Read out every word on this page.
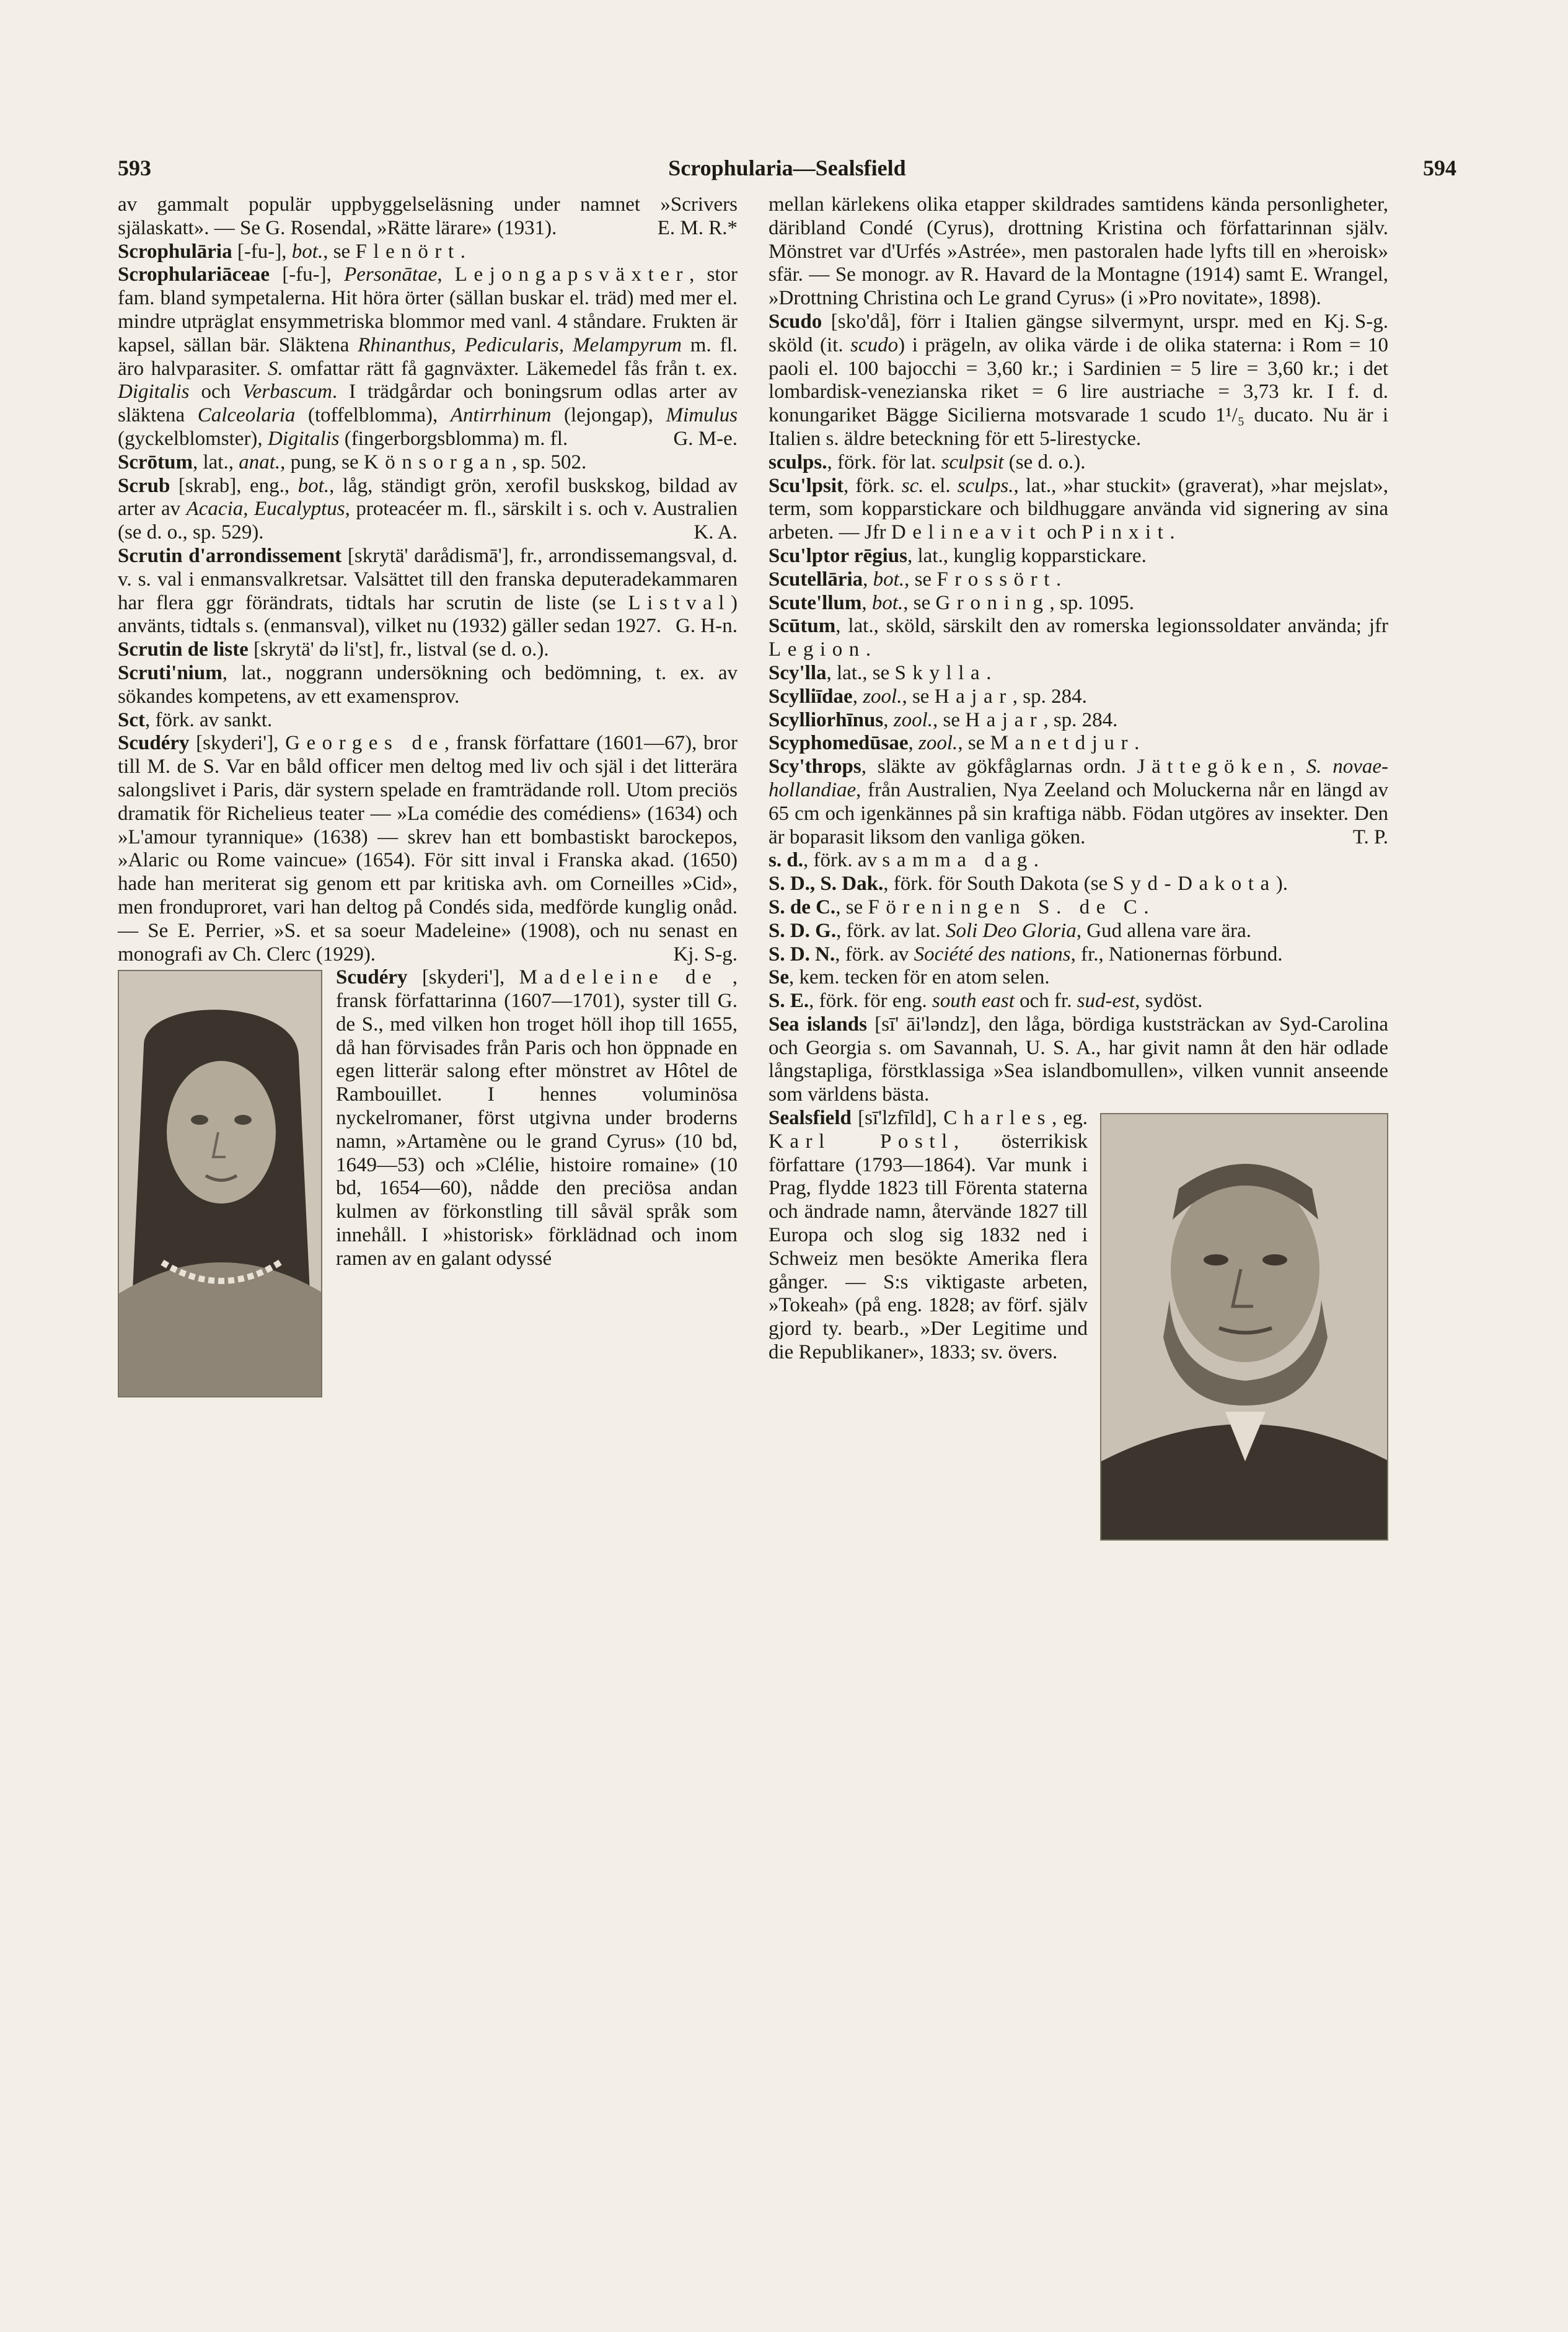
593	Scrophularia—Sealsfield	594
av gammalt populär uppbyggelseläsning under namnet »Scrivers själaskatt». — Se G. Rosendal, »Rätte lärare» (1931).	E. M. R.*
Scrophulāria [-fu-], bot., se Flenört.
Scrophulariāceae [-fu-], Personātae, Lejongapsväxter, stor fam. bland sympetalerna. Hit höra örter (sällan buskar el. träd) med mer el. mindre utpräglat ensymmetriska blommor med vanl. 4 ståndare. Frukten är kapsel, sällan bär. Släktena Rhinanthus, Pedicularis, Melampyrum m. fl. äro halvparasiter. S. omfattar rätt få gagnväxter. Läkemedel fås från t. ex. Digitalis och Verbascum. I trädgårdar och boningsrum odlas arter av släktena Calceolaria (toffelblomma), Antirrhinum (lejongap), Mimulus (gyckelblomster), Digitalis (fingerborgsblomma) m. fl.	G. M-e.
Scrōtum, lat., anat., pung, se Könsorgan, sp. 502.
Scrub [skrab], eng., bot., låg, ständigt grön, xerofil buskskog, bildad av arter av Acacia, Eucalyptus, proteacéer m. fl., särskilt i s. och v. Australien (se d. o., sp. 529).	K. A.
Scrutin d'arrondissement [skrytä' darådismā'], fr., arrondissemangsval, d. v. s. val i enmansvalkretsar. Valsättet till den franska deputeradekammaren har flera ggr förändrats, tidtals har scrutin de liste (se Listval) använts, tidtals s. (enmansval), vilket nu (1932) gäller sedan 1927. G. H-n.
Scrutin de liste [skrytä' də li'st], fr., listval (se d. o.).
Scruti'nium, lat., noggrann undersökning och bedömning, t. ex. av sökandes kompetens, av ett examensprov.
Sct, förk. av sankt.
Scudéry [skyderi'], Georges de, fransk författare (1601—67), bror till M. de S. Var en båld officer men deltog med liv och själ i det litterära salongslivet i Paris, där systern spelade en framträdande roll. Utom preciös dramatik för Richelieus teater — »La comédie des comédiens» (1634) och »L'amour tyrannique» (1638) — skrev han ett bombastiskt barockepos, »Alaric ou Rome vaincue» (1654). För sitt inval i Franska akad. (1650) hade han meriterat sig genom ett par kritiska avh. om Corneilles »Cid», men fronduproret, vari han deltog på Condés sida, medförde kunglig onåd. — Se E. Perrier, »S. et sa soeur Madeleine» (1908), och nu senast en monografi av Ch. Clerc (1929).	Kj. S-g.
Scudéry [skyderi'], Madeleine de , fransk författarinna (1607—1701), syster till G. de S., med vilken hon troget höll ihop till 1655, då han förvisades från Paris och hon öppnade en egen litterär salong efter mönstret av Hôtel de Rambouillet. I hennes voluminösa nyckelromaner, först utgivna under broderns namn, »Artamène ou le grand Cyrus» (10 bd, 1649—53) och »Clélie, histoire romaine» (10 bd, 1654—60), nådde den preciösa andan kulmen av förkonstling till såväl språk som innehåll. I »historisk» förklädnad och inom ramen av en galant odyssé
mellan kärlekens olika etapper skildrades samtidens kända personligheter, däribland Condé (Cyrus), drottning Kristina och författarinnan själv. Mönstret var d'Urfés »Astrée», men pastoralen hade lyfts till en »heroisk» sfär. — Se monogr. av R. Havard de la Montagne (1914) samt E. Wrangel, »Drottning Christina och Le grand Cyrus» (i »Pro novitate», 1898).
Kj. S-g.
Scudo [sko'då], förr i Italien gängse silvermynt, urspr. med en sköld (it. scudo) i prägeln, av olika värde i de olika staterna: i Rom = 10 paoli el. 100 bajocchi = 3,60 kr.; i Sardinien = 5 lire = 3,60 kr.; i det lombardisk-venezianska riket = 6 lire austriache = 3,73 kr. I f. d. konungariket Bägge Sicilierna motsvarade 1 scudo 1¹/₅ ducato. Nu är i Italien s. äldre beteckning för ett 5-lirestycke.
sculps., förk. för lat. sculpsit (se d. o.).
Scu'lpsit, förk. sc. el. sculps., lat., »har stuckit» (graverat), »har mejslat», term, som kopparstickare och bildhuggare använda vid signering av sina arbeten. — Jfr Delineavit och Pinxit.
Scu'lptor rēgius, lat., kunglig kopparstickare.
Scutellāria, bot., se Frossört.
Scute'llum, bot., se Groning, sp. 1095.
Scūtum, lat., sköld, särskilt den av romerska legionssoldater använda; jfr Legion.
Scy'lla, lat., se Skylla.
Scylliīdae, zool., se Hajar, sp. 284.
Scylliorhīnus, zool., se Hajar, sp. 284.
Scyphomedūsae, zool., se Manetdjur.
Scy'throps, släkte av gökfåglarnas ordn. Jättegöken, S. novae-hollandiae, från Australien, Nya Zeeland och Moluckerna når en längd av 65 cm och igenkännes på sin kraftiga näbb. Födan utgöres av insekter. Den är boparasit liksom den vanliga göken.	T. P.
s. d., förk. av samma dag.
S. D., S. Dak., förk. för South Dakota (se Syd-Dakota).
S. de C., se Föreningen S. de C.
S. D. G., förk. av lat. Soli Deo Gloria, Gud allena vare ära.
S. D. N., förk. av Société des nations, fr., Nationernas förbund.
Se, kem. tecken för en atom selen.
S. E., förk. för eng. south east och fr. sud-est, sydöst.
Sea islands [sī' āi'ləndz], den låga, bördiga kuststräckan av Syd-Carolina och Georgia s. om Savannah, U. S. A., har givit namn åt den här odlade långstapliga, förstklassiga »Sea islandbomullen», vilken vunnit anseende som världens bästa.
Sealsfield [sī'lzfīld], Charles, eg. Karl Postl, österrikisk författare (1793—1864). Var munk i Prag, flydde 1823 till Förenta staterna och ändrade namn, återvände 1827 till Europa och slog sig 1832 ned i Schweiz men besökte Amerika flera gånger. — S:s viktigaste arbeten, »Tokeah» (på eng. 1828; av förf. själv gjord ty. bearb., »Der Legitime und die Republikaner», 1833; sv. övers.
